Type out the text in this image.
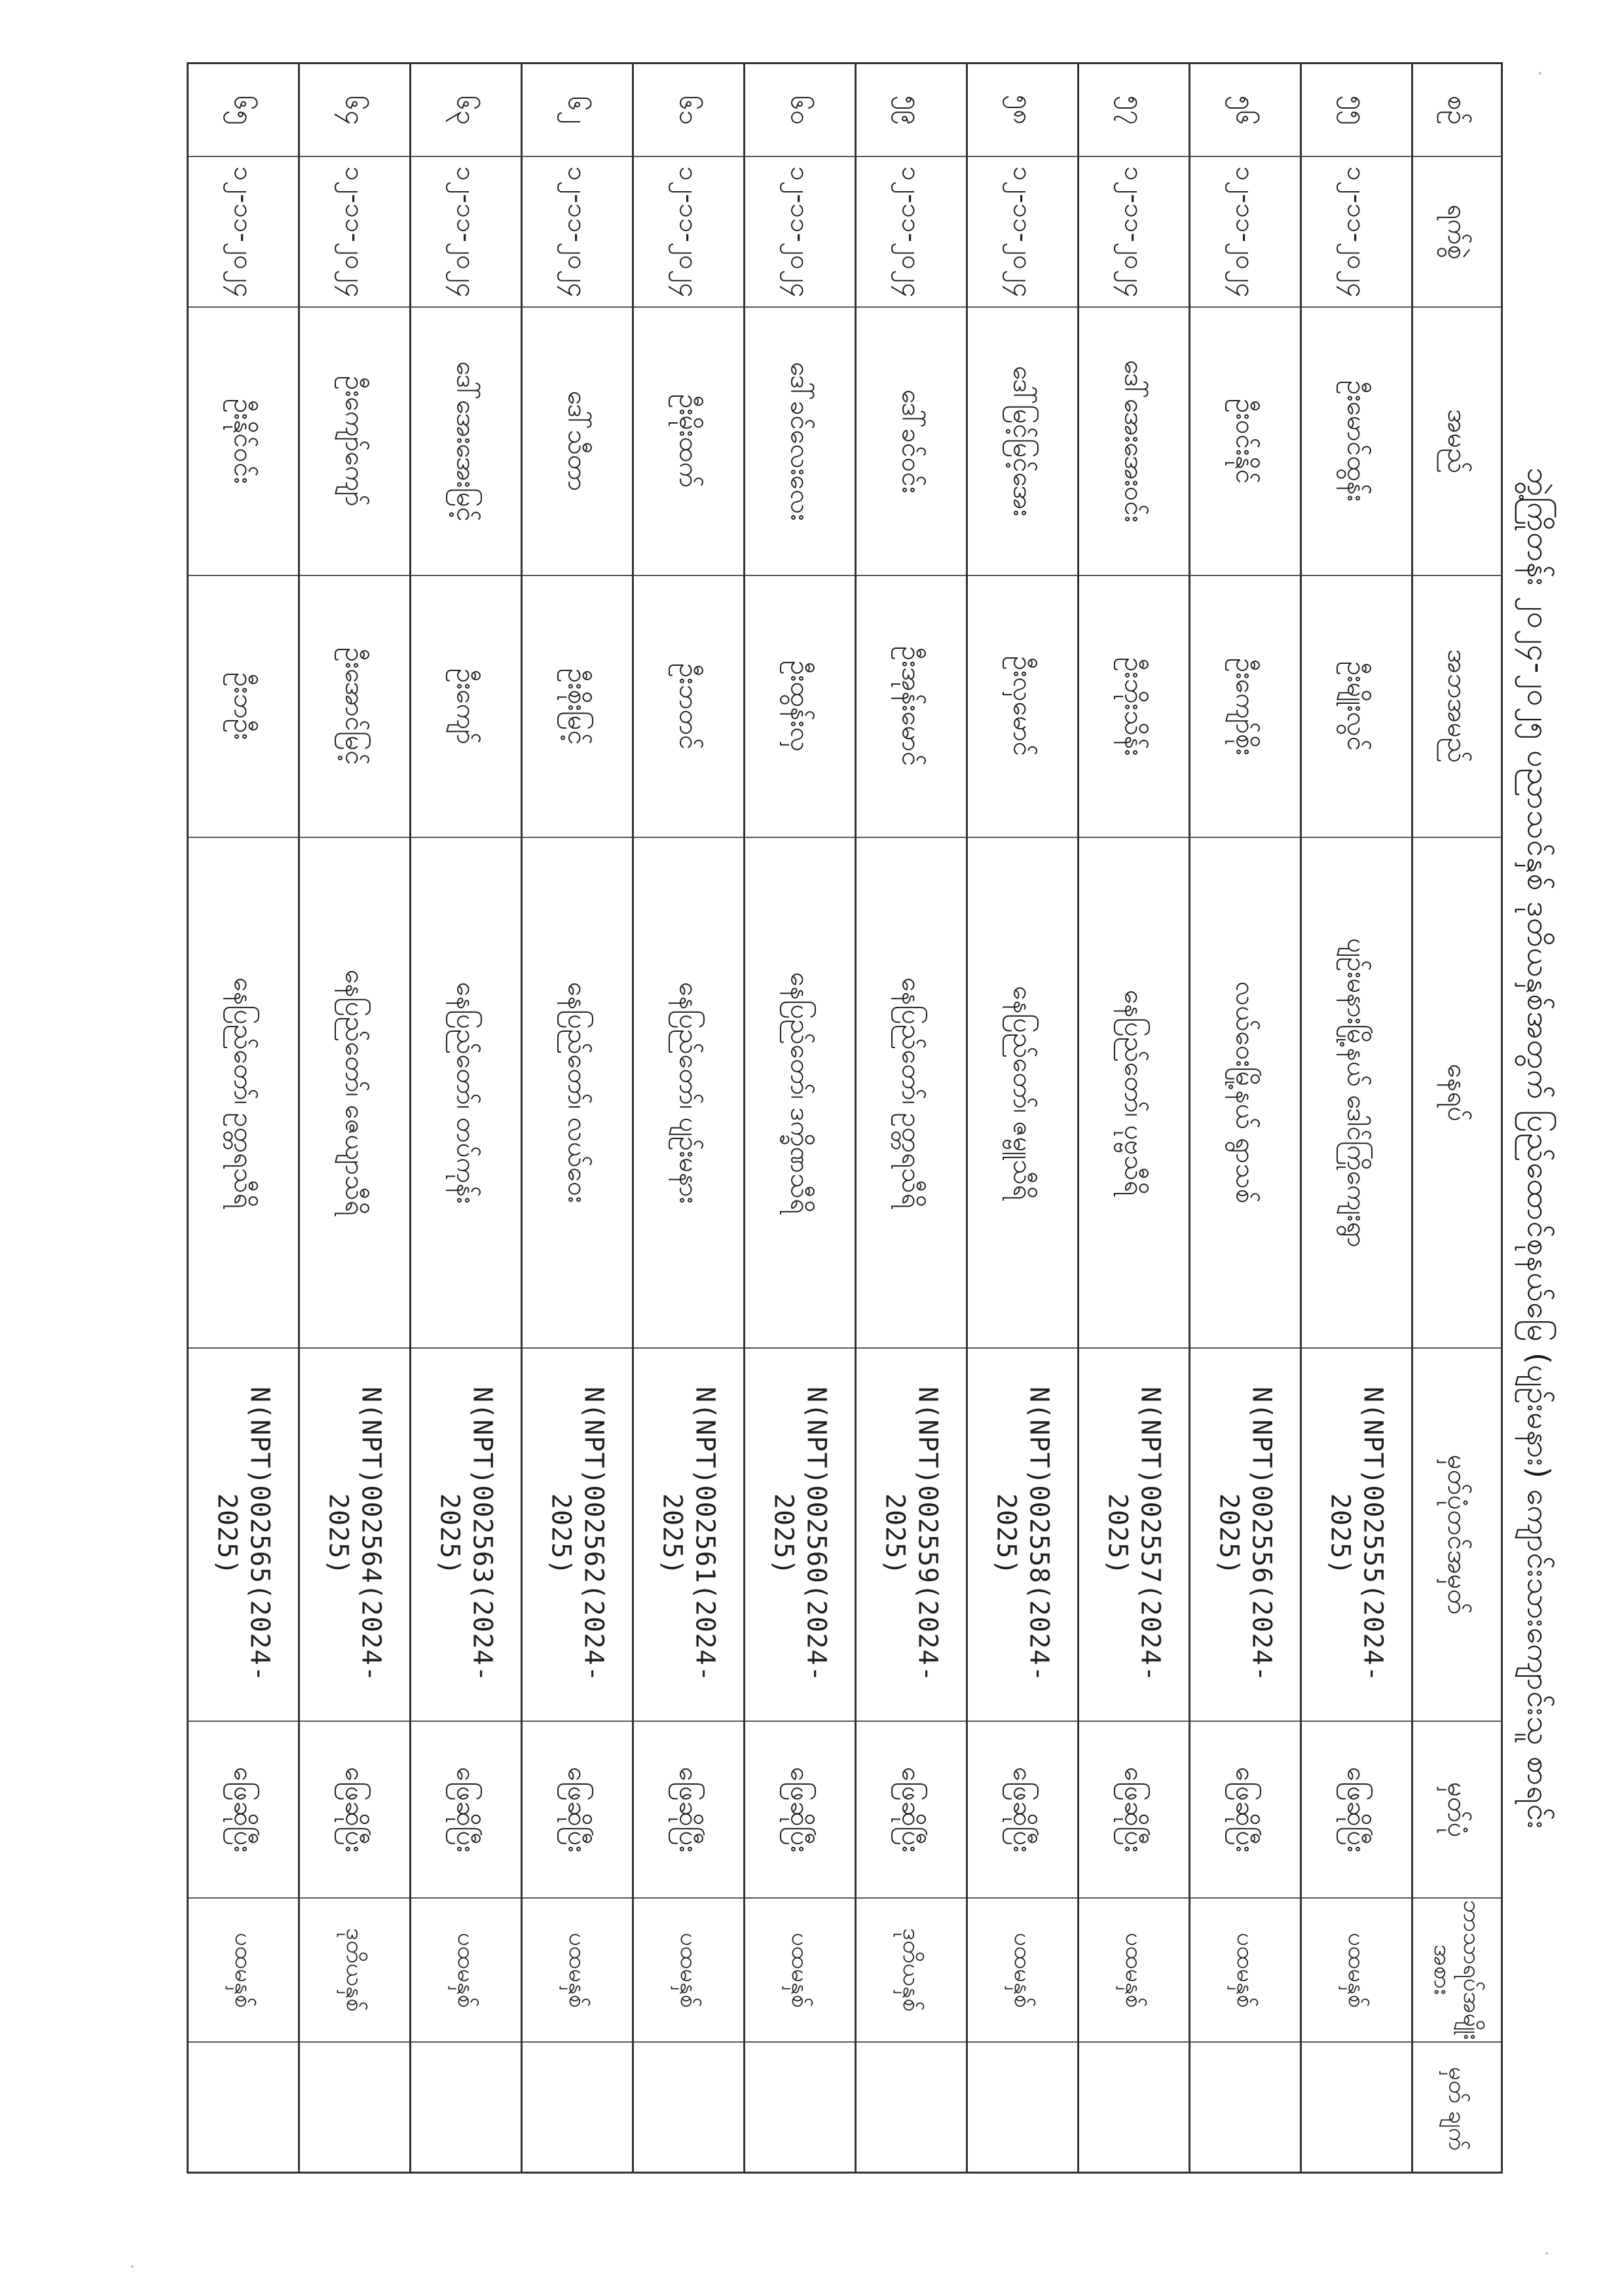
ဘွဲ့ကြိုတန်း ၂၀၂၄-၂၀၂၅ ပညာသင်နှစ် ဒုတိယနှစ်အတွက် ပြည်ထောင်စုနယ်မြေ (ပျဉ်းမနား) ကျောင်းသားကျောင်းသူ စာရင်း
စဉ်
ရက်စွဲ
အမည်
အဘအမည်
နေရပ်
မှတ်ပုံတင်အမှတ်
မှတ်ပုံ
ဘာသာရပ်အမျိုး အစား
မှတ် ချက်
၅၅
၁၂-၁၁-၂၀၂၄
ဦးမောင်ထွန်း
ဦးမျိုးလွင်
ပျဉ်းမနားမြို့နယ် ဒေါင်ကြိုကျေးရွာ
N(NPT)002555(2024-2025)
ဖြေဆိုပြီး
ပထမနှစ်
၅၆
၁၂-၁၁-၂၀၂၄
ဦးဝင်းနိုင်
ဦးကျော်စိုး
လယ်ဝေးမြို့နယ် ရွာသစ်
N(NPT)002556(2024-2025)
ဖြေဆိုပြီး
ပထမနှစ်
၅၇
၁၂-၁၁-၂၀၂၄
ဒေါ်အေးအေးဝင်း
ဦးဘိုးသိန်း
နေပြည်တော်၊ ပုဗ္ဗသီရိ
N(NPT)002557(2024-2025)
ဖြေဆိုပြီး
ပထမနှစ်
၅၈
၁၂-၁၁-၂၀၂၄
ဒေါ်မြင့်မြင့်အေး
ဦးလှမောင်
နေပြည်တော်၊ ဇမ္ဗူသီရိ
N(NPT)002558(2024-2025)
ဖြေဆိုပြီး
ပထမနှစ်
၅၉
၁၂-၁၁-၂၀၂၄
ဒေါ်ခင်ဝင်း
ဦးအုန်းမောင်
နေပြည်တော်၊ ဥတ္တရသီရိ
N(NPT)002559(2024-2025)
ဖြေဆိုပြီး
ဒုတိယနှစ်
၆၀
၁၂-၁၁-၂၀၂၄
ဒေါ်ခင်လေးလေး
ဦးထွန်းလှ
နေပြည်တော်၊ ဒက္ခိဏသီရိ
N(NPT)002560(2024-2025)
ဖြေဆိုပြီး
ပထမနှစ်
၆၁
၁၂-၁၁-၂၀၂၄
ဦးမိုးထက်
ဦးဘတင်
နေပြည်တော်၊ ပျဉ်းမနား
N(NPT)002561(2024-2025)
ဖြေဆိုပြီး
ပထမနှစ်
၆၂
၁၂-၁၁-၂၀၂၄
ဒေါ်သီတာ
ဦးစိုးမြင့်
နေပြည်တော်၊ လယ်ဝေး
N(NPT)002562(2024-2025)
ဖြေဆိုပြီး
ပထမနှစ်
၆၃
၁၂-၁၁-၂၀၂၄
ဒေါ်အေးအေးမြင့်
ဦးကျော်
နေပြည်တော်၊ တပ်ကုန်း
N(NPT)002563(2024-2025)
ဖြေဆိုပြီး
ပထမနှစ်
၆၄
၁၂-၁၁-၂၀၂၄
ဦးကျော်ကျော်
ဦးအောင်မြင့်
နေပြည်တော်၊ ဇေယျာသီရိ
N(NPT)002564(2024-2025)
ဖြေဆိုပြီး
ဒုတိယနှစ်
၆၅
၁၂-၁၁-၂၀၂၄
ဦးနိုင်ဝင်း
ဦးဘဦး
နေပြည်တော်၊ ဥတ္တရသီရိ
N(NPT)002565(2024-2025)
ဖြေဆိုပြီး
ပထမနှစ်
